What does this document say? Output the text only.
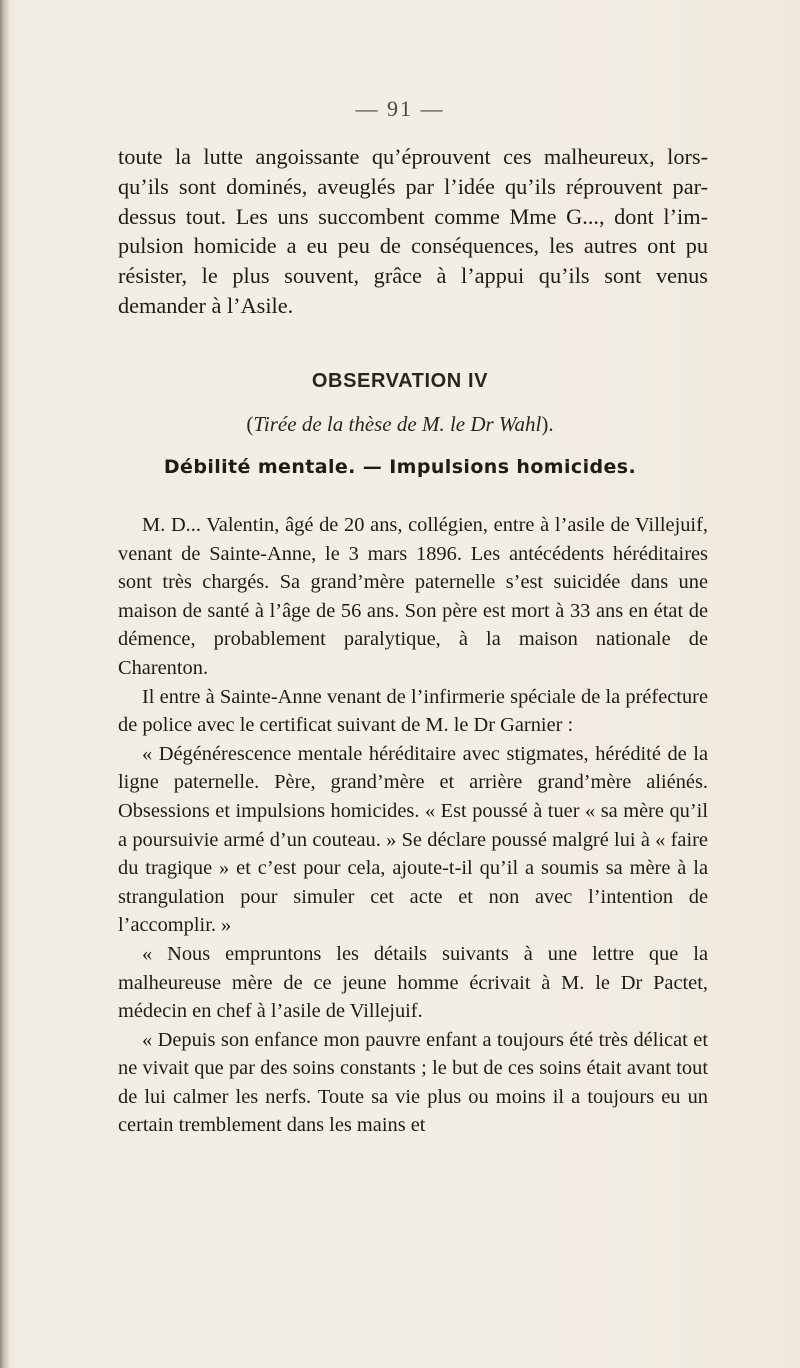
— 91 —

toute la lutte angoissante qu’éprouvent ces malheureux, lors- qu’ils sont dominés, aveuglés par l’idée qu’ils réprouvent par- dessus tout. Les uns succombent comme Mme G..., dont l’im- pulsion homicide a eu peu de conséquences, les autres ont pu résister, le plus souvent, grâce à l’appui qu’ils sont venus demander à l’Asile.

OBSERVATION IV

(Tirée de la thèse de M. le Dr Wahl).

Débilité mentale. — Impulsions homicides.

M. D... Valentin, âgé de 20 ans, collégien, entre à l’asile de Villejuif, venant de Sainte-Anne, le 3 mars 1896. Les antécédents héréditaires sont très chargés. Sa grand’mère paternelle s’est suicidée dans une maison de santé à l’âge de 56 ans. Son père est mort à 33 ans en état de démence, probablement paralytique, à la maison nationale de Charenton.

Il entre à Sainte-Anne venant de l’infirmerie spéciale de la préfecture de police avec le certificat suivant de M. le Dr Garnier :

« Dégénérescence mentale héréditaire avec stigmates, hérédité de la ligne paternelle. Père, grand’mère et arrière grand’mère aliénés. Obsessions et impulsions homicides. « Est poussé à tuer « sa mère qu’il a poursuivie armé d’un couteau. » Se déclare poussé malgré lui à « faire du tragique » et c’est pour cela, ajoute-t-il qu’il a soumis sa mère à la strangulation pour simuler cet acte et non avec l’intention de l’accomplir. »

« Nous empruntons les détails suivants à une lettre que la malheureuse mère de ce jeune homme écrivait à M. le Dr Pactet, médecin en chef à l’asile de Villejuif.

« Depuis son enfance mon pauvre enfant a toujours été très délicat et ne vivait que par des soins constants ; le but de ces soins était avant tout de lui calmer les nerfs. Toute sa vie plus ou moins il a toujours eu un certain tremblement dans les mains et
